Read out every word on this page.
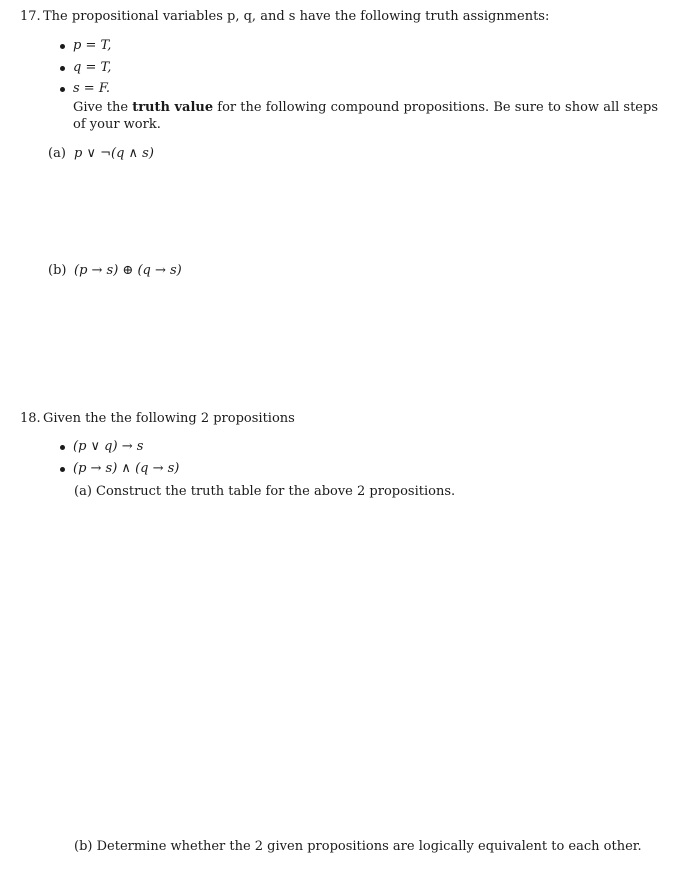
17. The propositional variables p, q, and s have the following truth assignments:
p = T,
q = T,
s = F.
Give the truth value for the following compound propositions. Be sure to show all steps of your work.
(a) p ∨ ¬(q ∧ s)
(b) (p → s) ⊕ (q → s)
18. Given the the following 2 propositions
(p ∨ q) → s
(p → s) ∧ (q → s)
(a) Construct the truth table for the above 2 propositions.
(b) Determine whether the 2 given propositions are logically equivalent to each other.
